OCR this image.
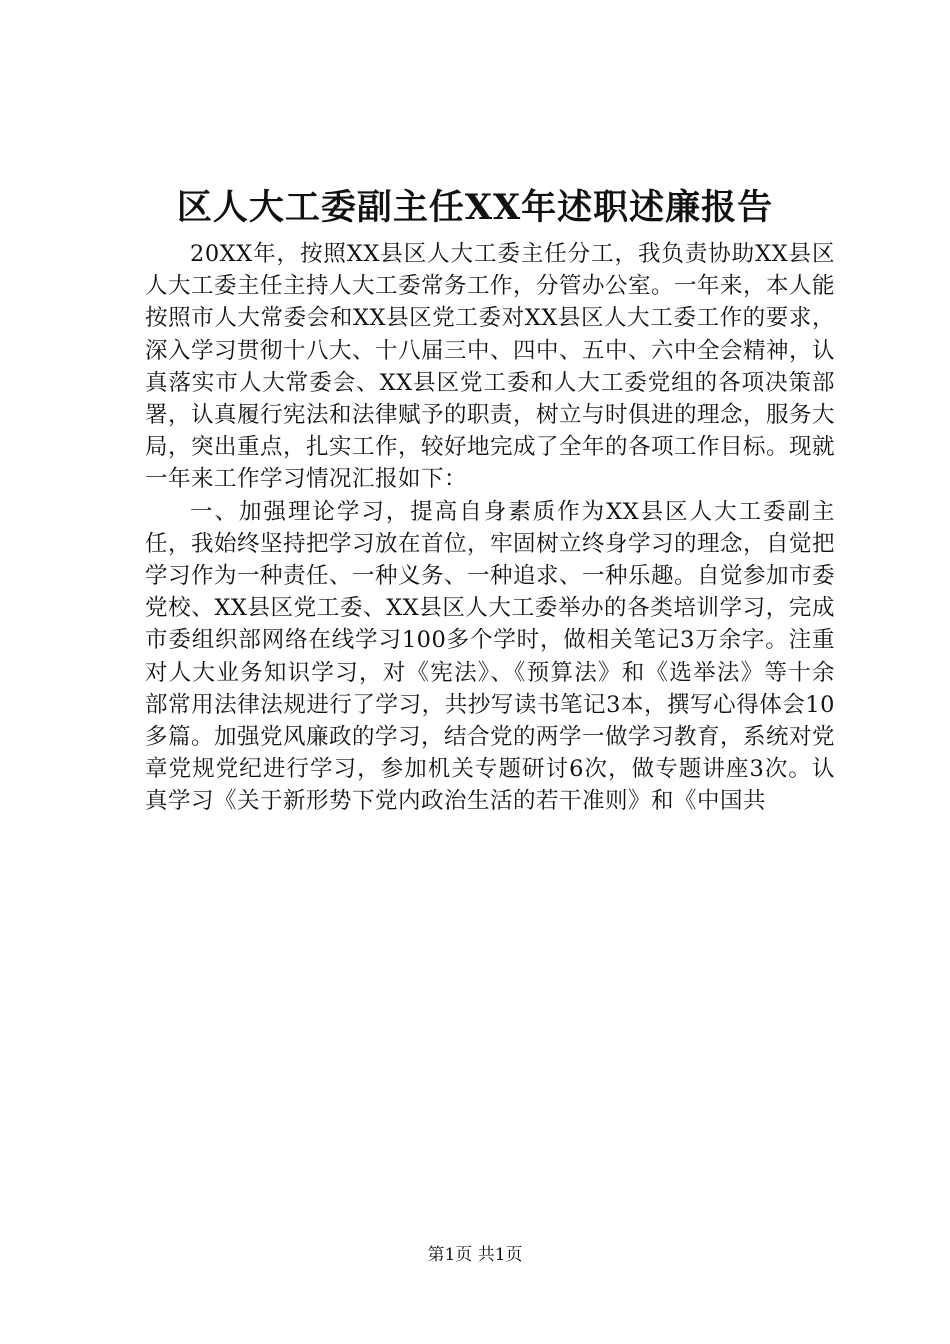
区人大工委副主任XX年述职述廉报告

20XX年，按照XX县区人大工委主任分工，我负责协助XX县区人大工委主任主持人大工委常务工作，分管办公室。一年来，本人能按照市人大常委会和XX县区党工委对XX县区人大工委工作的要求，深入学习贯彻十八大、十八届三中、四中、五中、六中全会精神，认真落实市人大常委会、XX县区党工委和人大工委党组的各项决策部署，认真履行宪法和法律赋予的职责，树立与时俱进的理念，服务大局，突出重点，扎实工作，较好地完成了全年的各项工作目标。现就一年来工作学习情况汇报如下：

一、加强理论学习，提高自身素质作为XX县区人大工委副主任，我始终坚持把学习放在首位，牢固树立终身学习的理念，自觉把学习作为一种责任、一种义务、一种追求、一种乐趣。自觉参加市委党校、XX县区党工委、XX县区人大工委举办的各类培训学习，完成市委组织部网络在线学习100多个学时，做相关笔记3万余字。注重对人大业务知识学习，对《宪法》、《预算法》和《选举法》等十余部常用法律法规进行了学习，共抄写读书笔记3本，撰写心得体会10多篇。加强党风廉政的学习，结合党的两学一做学习教育，系统对党章党规党纪进行学习，参加机关专题研讨6次，做专题讲座3次。认真学习《关于新形势下党内政治生活的若干准则》和《中国共

第1页 共1页
